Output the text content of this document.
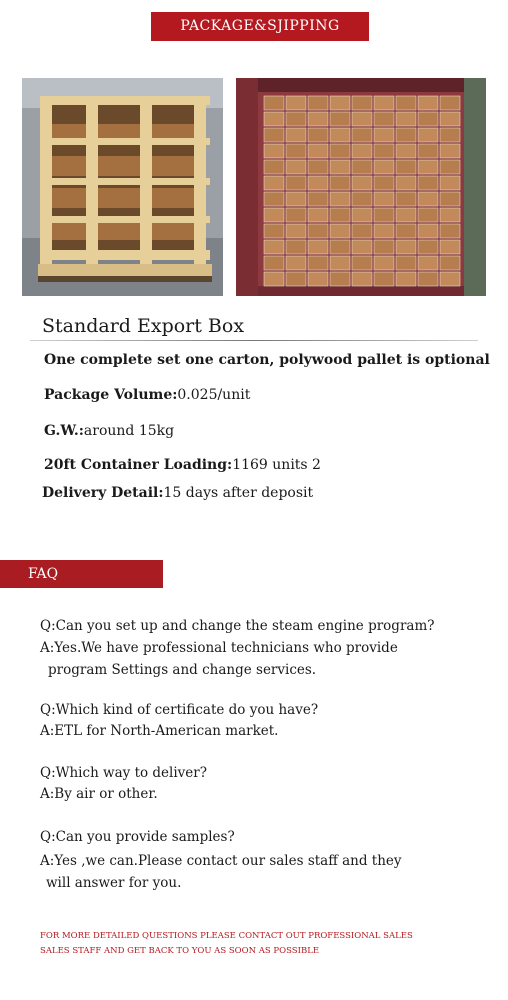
PACKAGE&SJIPPING
Standard Export Box
One complete set one carton, polywood pallet is optional
Package Volume:0.025/unit
G.W.:around 15kg
20ft Container Loading:1169 units 2
Delivery Detail:15 days after deposit
FAQ
Q:Can you set up and change the steam engine program?
A:Yes.We have professional technicians who provide
program Settings and change services.
Q:Which kind of certificate do you have?
A:ETL for North-American market.
Q:Which way to deliver?
A:By air or other.
Q:Can you provide samples?
A:Yes ,we can.Please contact our sales staff and they
will answer for you.
FOR MORE DETAILED QUESTIONS PLEASE CONTACT OUT PROFESSIONAL SALES
SALES STAFF AND GET BACK TO YOU AS SOON AS POSSIBLE
